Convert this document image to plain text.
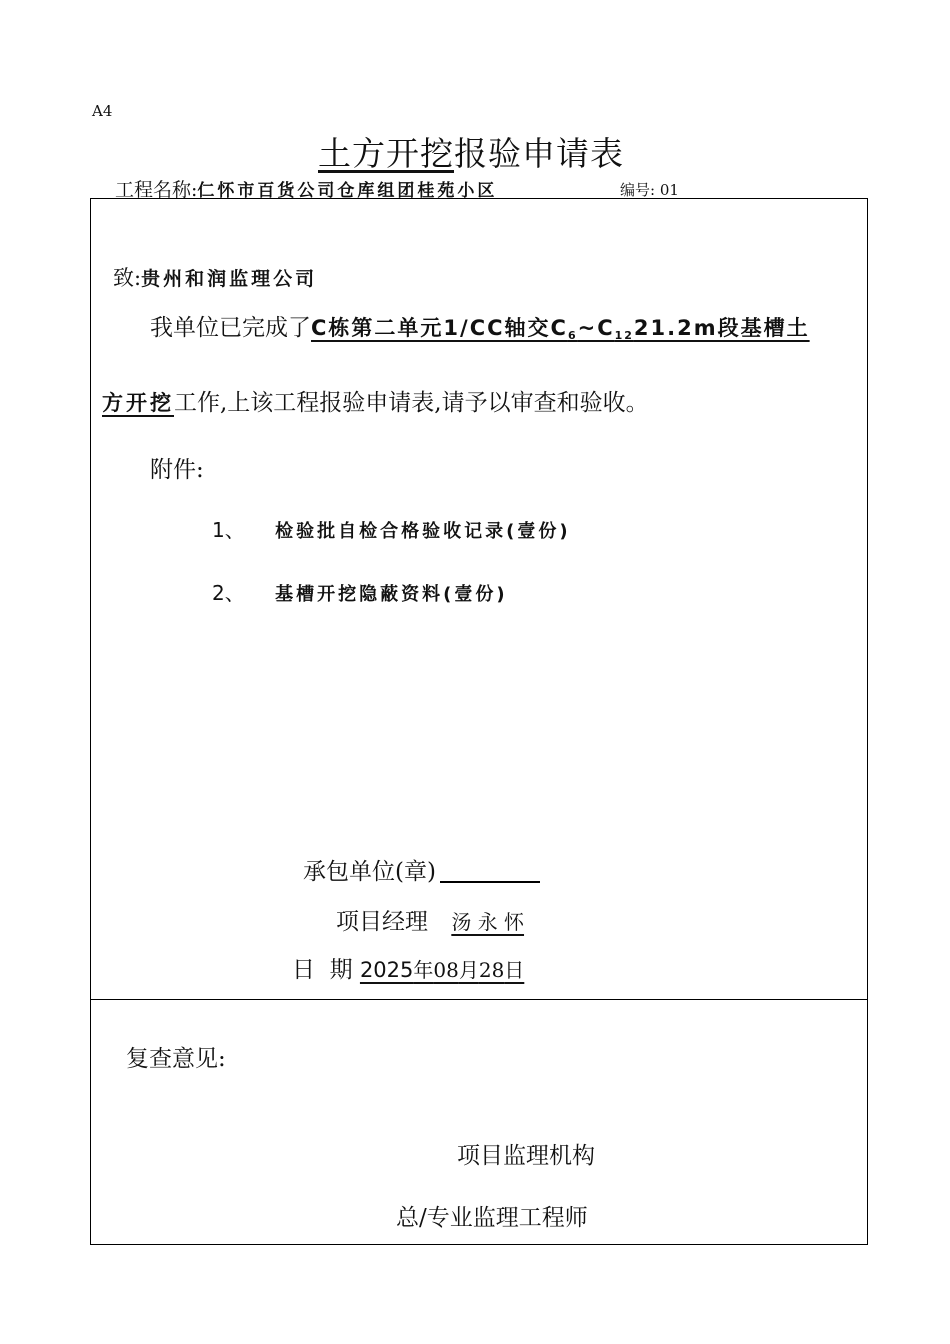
A4
土方开挖报验申请表
工程名称:仁怀市百货公司仓库组团桂苑小区	编号: 01
致:贵州和润监理公司
我单位已完成了C栋第二单元1/CC轴交$C_6\sim C_{12}21.2m$段基槽土
方开挖工作,上该工程报验申请表,请予以审查和验收。
附件:
1、 检验批自检合格验收记录(壹份)
2、 基槽开挖隐蔽资料(壹份)
承包单位(章)
项目经理 汤 永 怀
日  期 2025年08月28日
复查意见:
项目监理机构
总/专业监理工程师
